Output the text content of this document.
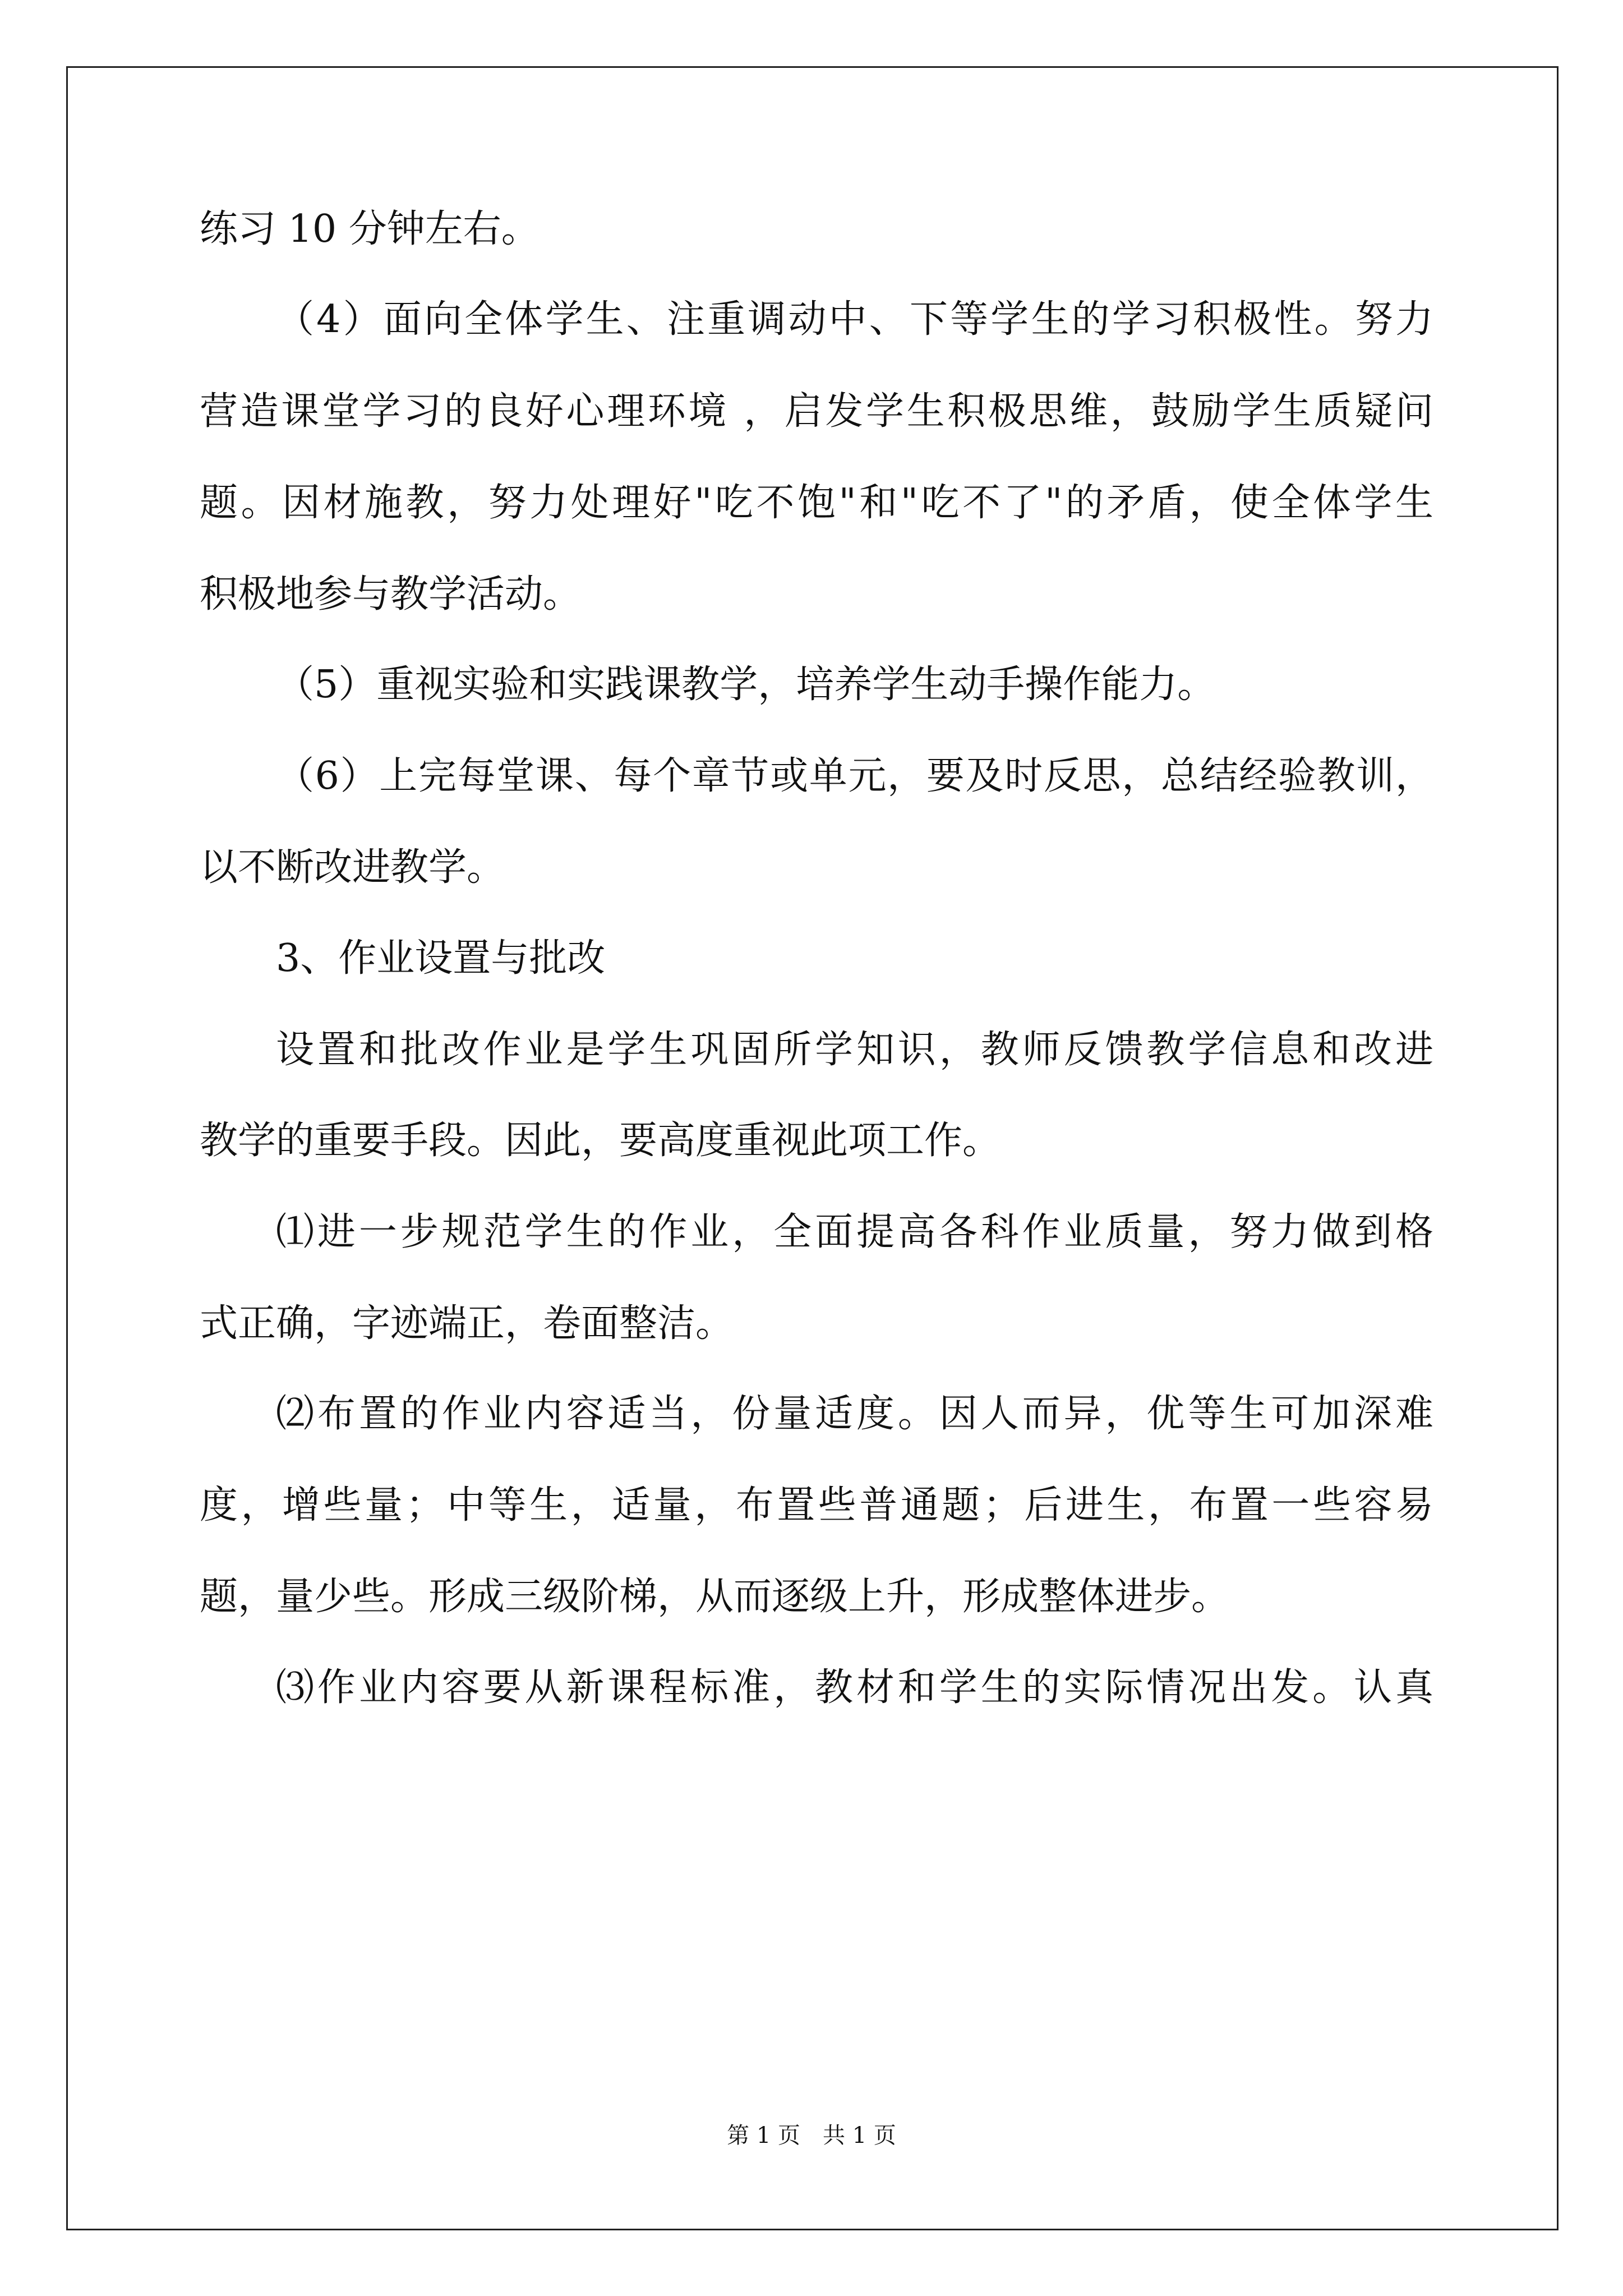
练习 10 分钟左右。
（4）面向全体学生、注重调动中、下等学生的学习积极性。努力
营造课堂学习的良好心理环境 ，启发学生积极思维，鼓励学生质疑问
题。因材施教，努力处理好"吃不饱"和"吃不了"的矛盾，使全体学生
积极地参与教学活动。
（5）重视实验和实践课教学，培养学生动手操作能力。
（6）上完每堂课、每个章节或单元，要及时反思，总结经验教训，
以不断改进教学。
3、作业设置与批改
设置和批改作业是学生巩固所学知识，教师反馈教学信息和改进
教学的重要手段。因此，要高度重视此项工作。
⑴进一步规范学生的作业，全面提高各科作业质量，努力做到格
式正确，字迹端正，卷面整洁。
⑵布置的作业内容适当，份量适度。因人而异，优等生可加深难
度，增些量；中等生，适量，布置些普通题；后进生，布置一些容易
题，量少些。形成三级阶梯，从而逐级上升，形成整体进步。
⑶作业内容要从新课程标准，教材和学生的实际情况出发。认真
第 1 页　共 1 页
